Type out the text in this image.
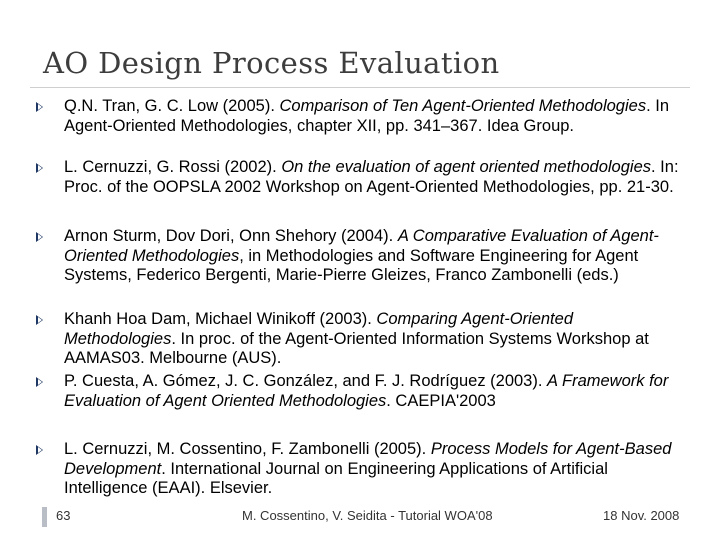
AO Design Process Evaluation
Q.N. Tran, G. C. Low (2005). Comparison of Ten Agent-Oriented Methodologies. In Agent-Oriented Methodologies, chapter XII, pp. 341–367. Idea Group.
L. Cernuzzi, G. Rossi (2002). On the evaluation of agent oriented methodologies. In: Proc. of the OOPSLA 2002 Workshop on Agent-Oriented Methodologies, pp. 21-30.
Arnon Sturm, Dov Dori, Onn Shehory (2004). A Comparative Evaluation of Agent-Oriented Methodologies, in Methodologies and Software Engineering for Agent Systems, Federico Bergenti, Marie-Pierre Gleizes, Franco Zambonelli (eds.)
Khanh Hoa Dam, Michael Winikoff (2003). Comparing Agent-Oriented Methodologies. In proc. of the Agent-Oriented Information Systems Workshop at AAMAS03. Melbourne (AUS).
P. Cuesta, A. Gómez, J. C. González, and F. J. Rodríguez (2003). A Framework for Evaluation of Agent Oriented Methodologies. CAEPIA'2003
L. Cernuzzi, M. Cossentino, F. Zambonelli (2005). Process Models for Agent-Based Development. International Journal on Engineering Applications of Artificial Intelligence (EAAI). Elsevier.
63	M. Cossentino, V. Seidita - Tutorial WOA'08	18 Nov. 2008
